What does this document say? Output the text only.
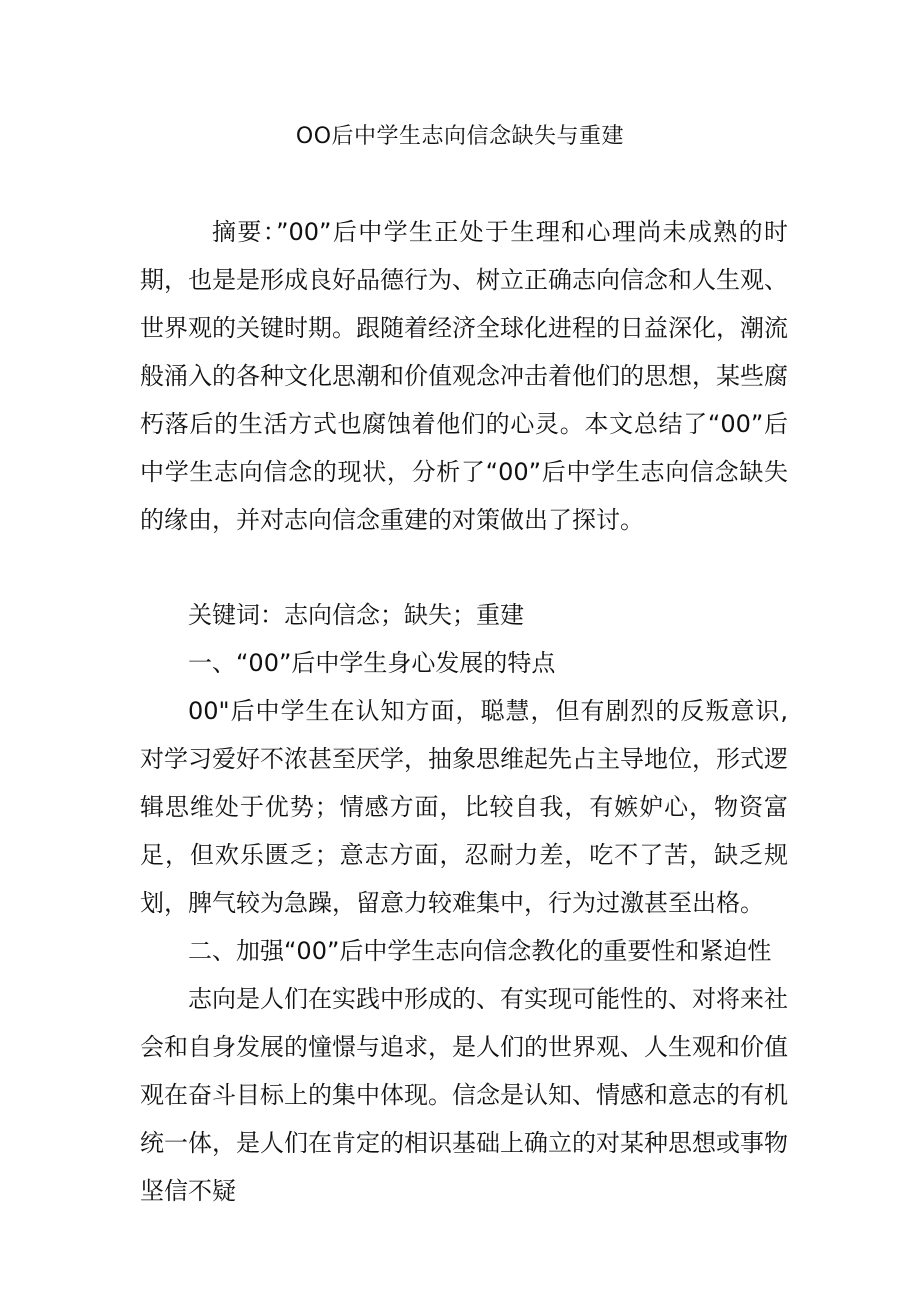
OO后中学生志向信念缺失与重建
摘要：”00”后中学生正处于生理和心理尚未成熟的时期，也是是形成良好品德行为、树立正确志向信念和人生观、世界观的关键时期。跟随着经济全球化进程的日益深化，潮流般涌入的各种文化思潮和价值观念冲击着他们的思想，某些腐朽落后的生活方式也腐蚀着他们的心灵。本文总结了“00”后中学生志向信念的现状，分析了“00”后中学生志向信念缺失的缘由，并对志向信念重建的对策做出了探讨。
关键词：志向信念；缺失；重建

一、“00”后中学生身心发展的特点

00"后中学生在认知方面，聪慧，但有剧烈的反叛意识,对学习爱好不浓甚至厌学，抽象思维起先占主导地位，形式逻辑思维处于优势；情感方面，比较自我，有嫉妒心，物资富足，但欢乐匮乏；意志方面，忍耐力差，吃不了苦，缺乏规划，脾气较为急躁，留意力较难集中，行为过激甚至出格。

二、加强“00”后中学生志向信念教化的重要性和紧迫性

志向是人们在实践中形成的、有实现可能性的、对将来社会和自身发展的憧憬与追求，是人们的世界观、人生观和价值观在奋斗目标上的集中体现。信念是认知、情感和意志的有机统一体，是人们在肯定的相识基础上确立的对某种思想或事物坚信不疑
